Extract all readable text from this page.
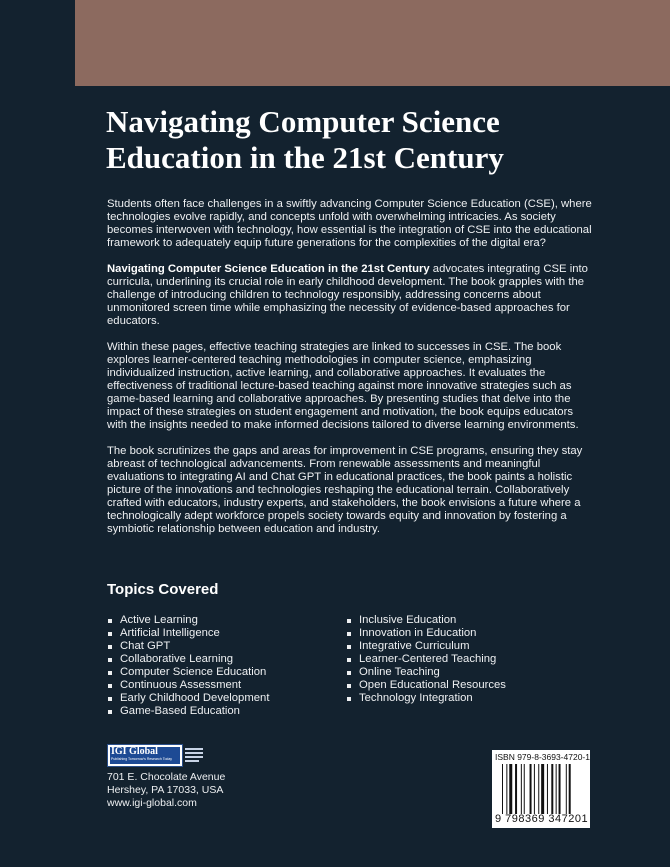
Navigating Computer Science Education in the 21st Century

Students often face challenges in a swiftly advancing Computer Science Education (CSE), where technologies evolve rapidly, and concepts unfold with overwhelming intricacies. As society becomes interwoven with technology, how essential is the integration of CSE into the educational framework to adequately equip future generations for the complexities of the digital era?

Navigating Computer Science Education in the 21st Century advocates integrating CSE into curricula, underlining its crucial role in early childhood development. The book grapples with the challenge of introducing children to technology responsibly, addressing concerns about unmonitored screen time while emphasizing the necessity of evidence-based approaches for educators.

Within these pages, effective teaching strategies are linked to successes in CSE. The book explores learner-centered teaching methodologies in computer science, emphasizing individualized instruction, active learning, and collaborative approaches. It evaluates the effectiveness of traditional lecture-based teaching against more innovative strategies such as game-based learning and collaborative approaches. By presenting studies that delve into the impact of these strategies on student engagement and motivation, the book equips educators with the insights needed to make informed decisions tailored to diverse learning environments.

The book scrutinizes the gaps and areas for improvement in CSE programs, ensuring they stay abreast of technological advancements. From renewable assessments and meaningful evaluations to integrating AI and Chat GPT in educational practices, the book paints a holistic picture of the innovations and technologies reshaping the educational terrain. Collaboratively crafted with educators, industry experts, and stakeholders, the book envisions a future where a technologically adept workforce propels society towards equity and innovation by fostering a symbiotic relationship between education and industry.

Topics Covered
Active Learning
Artificial Intelligence
Chat GPT
Collaborative Learning
Computer Science Education
Continuous Assessment
Early Childhood Development
Game-Based Education
Inclusive Education
Innovation in Education
Integrative Curriculum
Learner-Centered Teaching
Online Teaching
Open Educational Resources
Technology Integration
IGI Global
Publishing Tomorrow's Research Today
701 E. Chocolate Avenue
Hershey, PA 17033, USA
www.igi-global.com
ISBN 979-8-3693-4720-1
9 798369 347201
